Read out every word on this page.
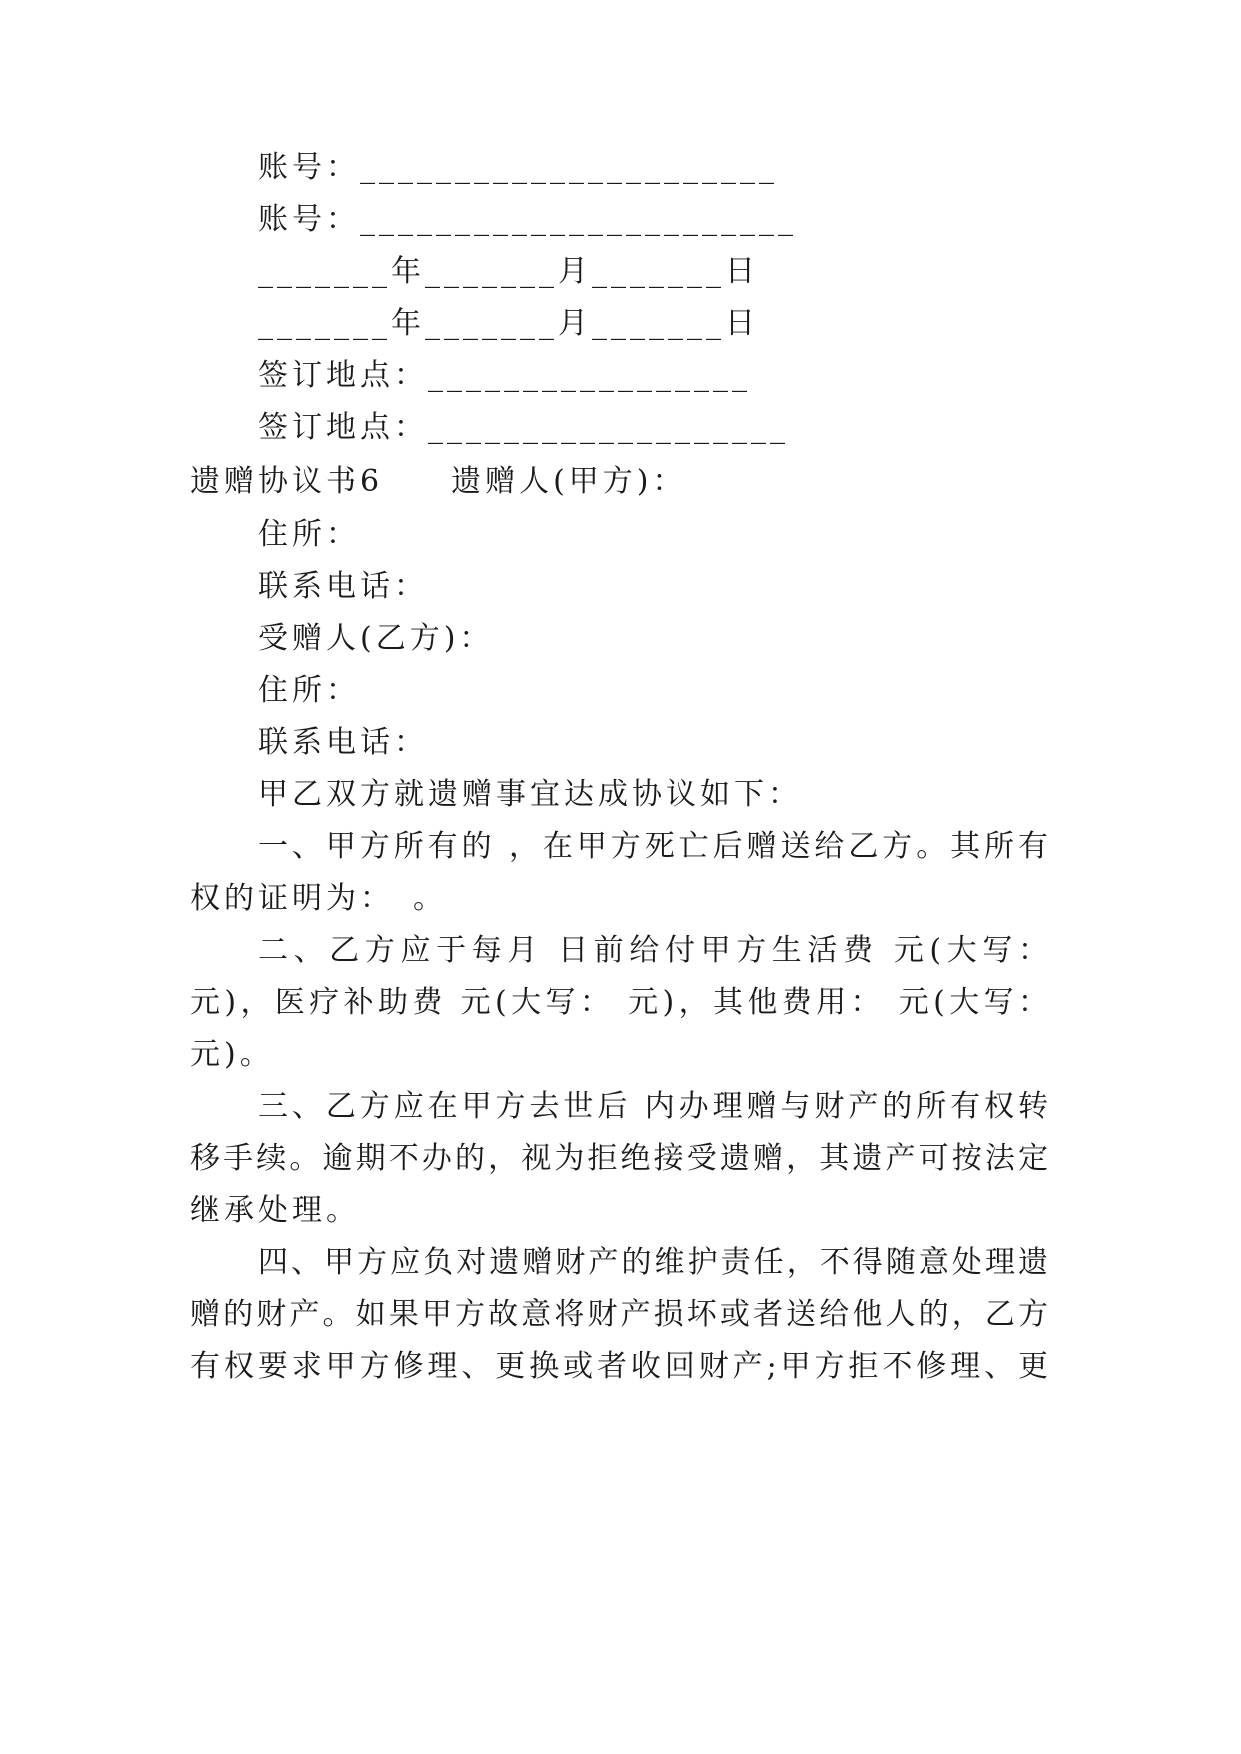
账号：______________________
账号：_______________________
_______年_______月_______日
_______年_______月_______日
签订地点：_________________
签订地点：___________________
遗赠协议书6　　遗赠人(甲方)：
住所：
联系电话：
受赠人(乙方)：
住所：
联系电话：
甲乙双方就遗赠事宜达成协议如下：
一、甲方所有的 ，在甲方死亡后赠送给乙方。其所有
权的证明为：　。
二、乙方应于每月 日前给付甲方生活费 元(大写：
元)，医疗补助费 元(大写： 元)，其他费用： 元(大写：
元)。
三、乙方应在甲方去世后 内办理赠与财产的所有权转
移手续。逾期不办的，视为拒绝接受遗赠，其遗产可按法定
继承处理。
四、甲方应负对遗赠财产的维护责任，不得随意处理遗
赠的财产。如果甲方故意将财产损坏或者送给他人的，乙方
有权要求甲方修理、更换或者收回财产;甲方拒不修理、更
